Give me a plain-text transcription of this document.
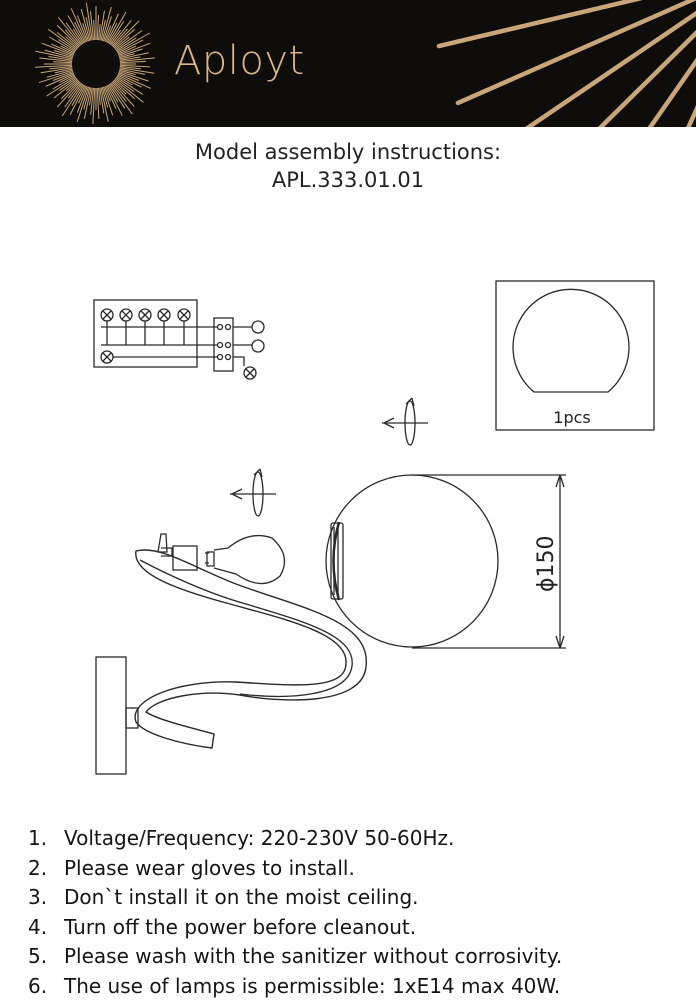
Aployt
Model assembly instructions:
APL.333.01.01
1pcs
ϕ150
1. Voltage/Frequency: 220-230V 50-60Hz.
2. Please wear gloves to install.
3. Don`t install it on the moist ceiling.
4. Turn off the power before cleanout.
5. Please wash with the sanitizer without corrosivity.
6. The use of lamps is permissible: 1xE14 max 40W.
